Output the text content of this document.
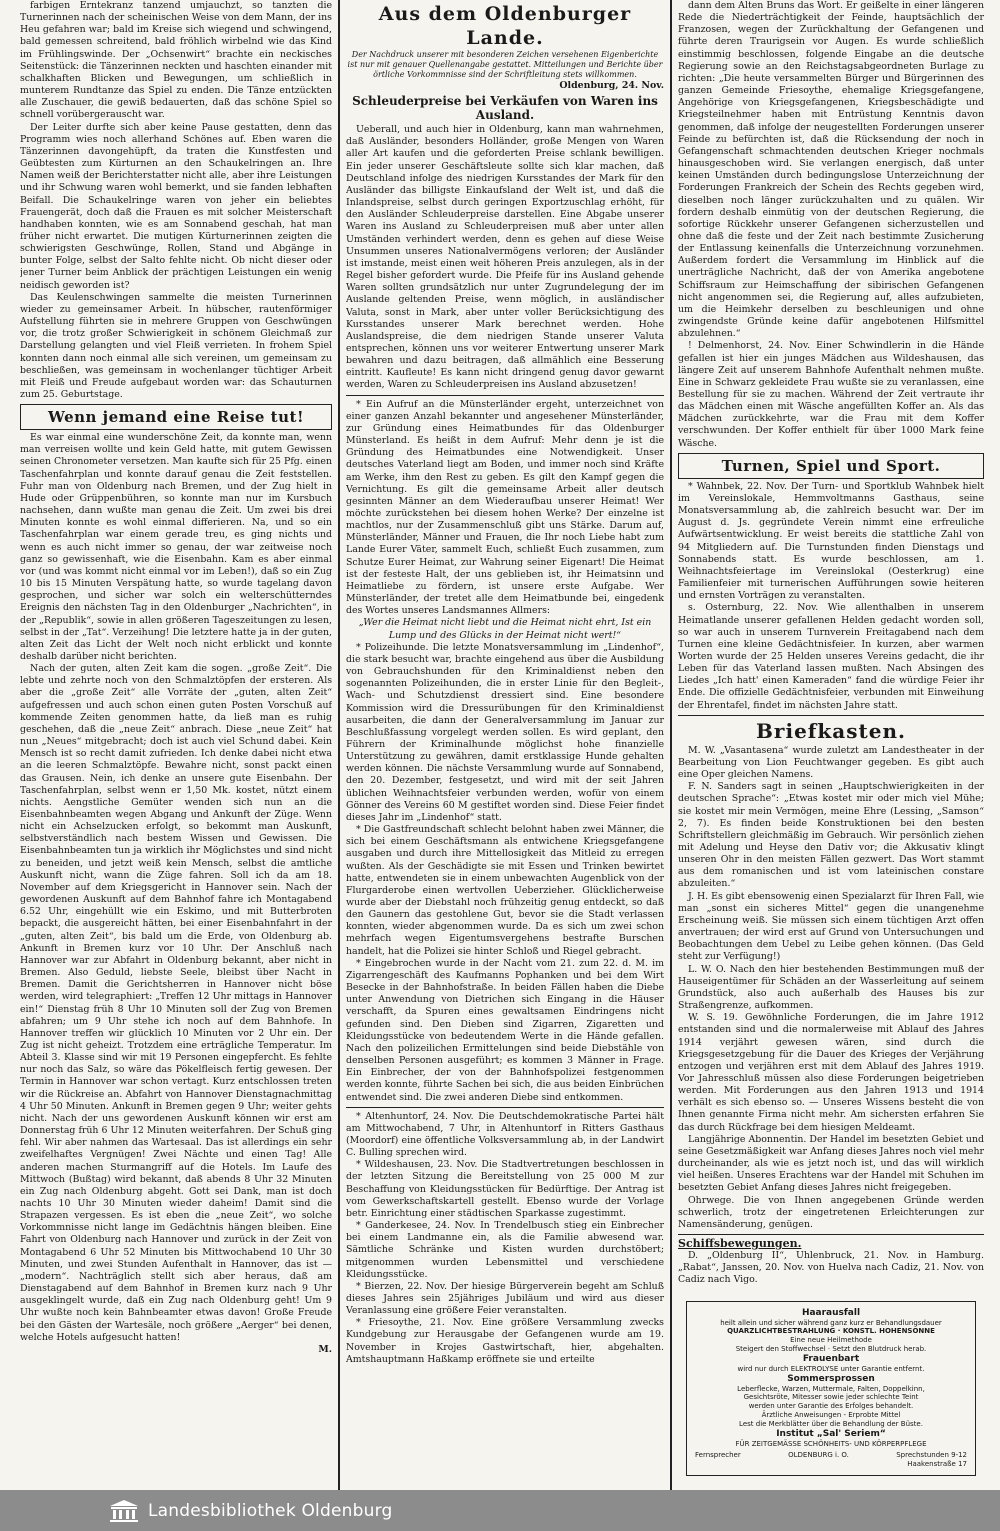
farbigen Erntekranz tanzend umjauchzt, so tanzten die Turnerinnen nach der scheinischen Weise von dem Mann, der ins Heu gefahren war; bald im Kreise sich wiegend und schwingend, bald gemessen schreitend, bald fröhlich wirbelnd wie das Kind im Frühlingswinde. Der „Ochsenwirt“ brachte ein neckisches Seitenstück: die Tänzerinnen neckten und haschten einander mit schalkhaften Blicken und Bewegungen, um schließlich in munterem Rundtanze das Spiel zu enden. Die Tänze entzückten alle Zuschauer, die gewiß bedauerten, daß das schöne Spiel so schnell vorübergerauscht war.

Der Leiter durfte sich aber keine Pause gestatten, denn das Programm wies noch allerhand Schönes auf. Eben waren die Tänzerinnen davongehüpft, da traten die Kunstfesten und Geübtesten zum Kürturnen an den Schaukelringen an. Ihre Namen weiß der Berichterstatter nicht alle, aber ihre Leistungen und ihr Schwung waren wohl bemerkt, und sie fanden lebhaften Beifall. Die Schaukelringe waren von jeher ein beliebtes Frauengerät, doch daß die Frauen es mit solcher Meisterschaft handhaben konnten, wie es am Sonnabend geschah, hat man früher nicht erwartet. Die mutigen Kürturnerinnen zeigten die schwierigsten Geschwünge, Rollen, Stand und Abgänge in bunter Folge, selbst der Salto fehlte nicht. Ob nicht dieser oder jener Turner beim Anblick der prächtigen Leistungen ein wenig neidisch geworden ist?

Das Keulenschwingen sammelte die meisten Turnerinnen wieder zu gemeinsamer Arbeit. In hübscher, rautenförmiger Aufstellung führten sie in mehrere Gruppen von Geschwüngen vor, die trotz großer Schwierigkeit in schönem Gleichmaß zur Darstellung gelangten und viel Fleiß verrieten. In frohem Spiel konnten dann noch einmal alle sich vereinen, um gemeinsam zu beschließen, was gemeinsam in wochenlanger tüchtiger Arbeit mit Fleiß und Freude aufgebaut worden war: das Schauturnen zum 25. Geburtstage.

Wenn jemand eine Reise tut!

Es war einmal eine wunderschöne Zeit, da konnte man, wenn man verreisen wollte und kein Geld hatte, mit gutem Gewissen seinen Chronometer versetzen. Man kaufte sich für 25 Pfg. einen Taschenfahrplan und konnte darauf genau die Zeit feststellen. Fuhr man von Oldenburg nach Bremen, und der Zug hielt in Hude oder Grüppenbühren, so konnte man nur im Kursbuch nachsehen, dann wußte man genau die Zeit. Um zwei bis drei Minuten konnte es wohl einmal differieren. Na, und so ein Taschenfahrplan war einem gerade treu, es ging nichts und wenn es auch nicht immer so genau, der war zeitweise noch ganz so gewissenhaft, wie die Eisenbahn. Kam es aber einmal vor (und was kommt nicht einmal vor im Leben!), daß so ein Zug 10 bis 15 Minuten Verspätung hatte, so wurde tagelang davon gesprochen, und sicher war solch ein welterschütterndes Ereignis den nächsten Tag in den Oldenburger „Nachrichten“, in der „Republik“, sowie in allen größeren Tageszeitungen zu lesen, selbst in der „Tat“. Verzeihung! Die letztere hatte ja in der guten, alten Zeit das Licht der Welt noch nicht erblickt und konnte deshalb darüber nicht berichten.

Nach der guten, alten Zeit kam die sogen. „große Zeit“. Die lebte und zehrte noch von den Schmalztöpfen der ersteren. Als aber die „große Zeit“ alle Vorräte der „guten, alten Zeit“ aufgefressen und auch schon einen guten Posten Vorschuß auf kommende Zeiten genommen hatte, da ließ man es ruhig geschehen, daß die „neue Zeit“ anbrach. Diese „neue Zeit“ hat nun „Neues“ mitgebracht; doch ist auch viel Schund dabei. Kein Mensch ist so recht damit zufrieden. Ich denke dabei nicht etwa an die leeren Schmalztöpfe. Bewahre nicht, sonst packt einen das Grausen. Nein, ich denke an unsere gute Eisenbahn. Der Taschenfahrplan, selbst wenn er 1,50 Mk. kostet, nützt einem nichts. Aengstliche Gemüter wenden sich nun an die Eisenbahnbeamten wegen Abgang und Ankunft der Züge. Wenn nicht ein Achselzucken erfolgt, so bekommt man Auskunft, selbstverständlich nach bestem Wissen und Gewissen. Die Eisenbahnbeamten tun ja wirklich ihr Möglichstes und sind nicht zu beneiden, und jetzt weiß kein Mensch, selbst die amtliche Auskunft nicht, wann die Züge fahren. Soll ich da am 18. November auf dem Kriegsgericht in Hannover sein. Nach der gewordenen Auskunft auf dem Bahnhof fahre ich Montagabend 6.52 Uhr, eingehüllt wie ein Eskimo, und mit Butterbroten bepackt, die ausgereicht hätten, bei einer Eisenbahnfahrt in der „guten, alten Zeit“, bis bald um die Erde, von Oldenburg ab. Ankunft in Bremen kurz vor 10 Uhr. Der Anschluß nach Hannover war zur Abfahrt in Oldenburg bekannt, aber nicht in Bremen. Also Geduld, liebste Seele, bleibst über Nacht in Bremen. Damit die Gerichtsherren in Hannover nicht böse werden, wird telegraphiert: „Treffen 12 Uhr mittags in Hannover ein!“ Dienstag früh 8 Uhr 10 Minuten soll der Zug von Bremen abfahren; um 9 Uhr stehe ich noch auf dem Bahnhofe. In Hannover treffen wir glücklich 10 Minuten vor 2 Uhr ein. Der Zug ist nicht geheizt. Trotzdem eine erträgliche Temperatur. Im Abteil 3. Klasse sind wir mit 19 Personen eingepfercht. Es fehlte nur noch das Salz, so wäre das Pökelfleisch fertig gewesen. Der Termin in Hannover war schon vertagt. Kurz entschlossen treten wir die Rückreise an. Abfahrt von Hannover Dienstagnachmittag 4 Uhr 50 Minuten. Ankunft in Bremen gegen 9 Uhr; weiter gehts nicht. Nach der uns gewordenen Auskunft können wir erst am Donnerstag früh 6 Uhr 12 Minuten weiterfahren. Der Schuß ging fehl. Wir aber nahmen das Wartesaal. Das ist allerdings ein sehr zweifelhaftes Vergnügen! Zwei Nächte und einen Tag! Alle anderen machen Sturmangriff auf die Hotels. Im Laufe des Mittwoch (Bußtag) wird bekannt, daß abends 8 Uhr 32 Minuten ein Zug nach Oldenburg abgeht. Gott sei Dank, man ist doch nachts 10 Uhr 30 Minuten wieder daheim! Damit sind die Strapazen vergessen. Es ist eben die „neue Zeit“, wo solche Vorkommnisse nicht lange im Gedächtnis hängen bleiben. Eine Fahrt von Oldenburg nach Hannover und zurück in der Zeit von Montagabend 6 Uhr 52 Minuten bis Mittwochabend 10 Uhr 30 Minuten, und zwei Stunden Aufenthalt in Hannover, das ist — „modern“. Nachträglich stellt sich aber heraus, daß am Dienstagabend auf dem Bahnhof in Bremen kurz nach 9 Uhr ausgeklingelt wurde, daß ein Zug nach Oldenburg geht! Um 9 Uhr wußte noch kein Bahnbeamter etwas davon! Große Freude bei den Gästen der Wartesäle, noch größere „Aerger“ bei denen, welche Hotels aufgesucht hatten!

M.

Aus dem Oldenburger Lande.
Der Nachdruck unserer mit besonderen Zeichen versehenen Eigenberichte ist nur mit genauer Quellenangabe gestattet. Mitteilungen und Berichte über örtliche Vorkommnisse sind der Schriftleitung stets willkommen.
Oldenburg, 24. Nov.
Schleuderpreise bei Verkäufen von Waren ins Ausland.

Ueberall, und auch hier in Oldenburg, kann man wahrnehmen, daß Ausländer, besonders Holländer, große Mengen von Waren aller Art kaufen und die geforderten Preise schlank bewilligen. Ein jeder unserer Geschäftsleute sollte sich klar machen, daß Deutschland infolge des niedrigen Kursstandes der Mark für den Ausländer das billigste Einkaufsland der Welt ist, und daß die Inlandspreise, selbst durch geringen Exportzuschlag erhöht, für den Ausländer Schleuderpreise darstellen. Eine Abgabe unserer Waren ins Ausland zu Schleuderpreisen muß aber unter allen Umständen verhindert werden, denn es gehen auf diese Weise Unsummen unseres Nationalvermögens verloren; der Ausländer ist imstande, meist einen weit höheren Preis anzulegen, als in der Regel bisher gefordert wurde. Die Pfeife für ins Ausland gehende Waren sollten grundsätzlich nur unter Zugrundelegung der im Auslande geltenden Preise, wenn möglich, in ausländischer Valuta, sonst in Mark, aber unter voller Berücksichtigung des Kursstandes unserer Mark berechnet werden. Hohe Auslandspreise, die dem niedrigen Stande unserer Valuta entsprechen, können uns vor weiterer Entwertung unserer Mark bewahren und dazu beitragen, daß allmählich eine Besserung eintritt. Kaufleute! Es kann nicht dringend genug davor gewarnt werden, Waren zu Schleuderpreisen ins Ausland abzusetzen!

* Ein Aufruf an die Münsterländer ergeht, unterzeichnet von einer ganzen Anzahl bekannter und angesehener Münsterländer, zur Gründung eines Heimatbundes für das Oldenburger Münsterland. Es heißt in dem Aufruf: Mehr denn je ist die Gründung des Heimatbundes eine Notwendigkeit. Unser deutsches Vaterland liegt am Boden, und immer noch sind Kräfte am Werke, ihm den Rest zu geben. Es gilt den Kampf gegen die Vernichtung. Es gilt die gemeinsame Arbeit aller deutsch gesinnten Männer an dem Wiederaufbau unserer Heimat! Wer möchte zurückstehen bei diesem hohen Werke? Der einzelne ist machtlos, nur der Zusammenschluß gibt uns Stärke. Darum auf, Münsterländer, Männer und Frauen, die Ihr noch Liebe habt zum Lande Eurer Väter, sammelt Euch, schließt Euch zusammen, zum Schutze Eurer Heimat, zur Wahrung seiner Eigenart! Die Heimat ist der festeste Halt, der uns geblieben ist, ihr Heimatsinn und Heimatliebe zu fördern, ist unsere erste Aufgabe. Wer Münsterländer, der tretet alle dem Heimatbunde bei, eingedenk des Wortes unseres Landsmannes Allmers:

„Wer die Heimat nicht liebt und die Heimat nicht ehrt, Ist ein Lump und des Glücks in der Heimat nicht wert!“

* Polizeihunde. Die letzte Monatsversammlung im „Lindenhof“, die stark besucht war, brachte eingehend aus über die Ausbildung von Gebrauchshunden für den Kriminaldienst neben den sogenannten Polizeihunden, die in erster Linie für den Begleit-, Wach- und Schutzdienst dressiert sind. Eine besondere Kommission wird die Dressurübungen für den Kriminaldienst ausarbeiten, die dann der Generalversammlung im Januar zur Beschlußfassung vorgelegt werden sollen. Es wird geplant, den Führern der Kriminalhunde möglichst hohe finanzielle Unterstützung zu gewähren, damit erstklassige Hunde gehalten werden können. Die nächste Versammlung wurde auf Sonnabend, den 20. Dezember, festgesetzt, und wird mit der seit Jahren üblichen Weihnachtsfeier verbunden werden, wofür von einem Gönner des Vereins 60 M gestiftet worden sind. Diese Feier findet dieses Jahr im „Lindenhof“ statt.

* Die Gastfreundschaft schlecht belohnt haben zwei Männer, die sich bei einem Geschäftsmann als entwichene Kriegsgefangene ausgaben und durch ihre Mittellosigkeit das Mitleid zu erregen wußten. Als der Geschädigte sie mit Essen und Trinken bewirtet hatte, entwendeten sie in einem unbewachten Augenblick von der Flurgarderobe einen wertvollen Ueberzieher. Glücklicherweise wurde aber der Diebstahl noch frühzeitig genug entdeckt, so daß den Gaunern das gestohlene Gut, bevor sie die Stadt verlassen konnten, wieder abgenommen wurde. Da es sich um zwei schon mehrfach wegen Eigentumsvergehens bestrafte Burschen handelt, hat die Polizei sie hinter Schloß und Riegel gebracht.

* Eingebrochen wurde in der Nacht vom 21. zum 22. d. M. im Zigarrengeschäft des Kaufmanns Pophanken und bei dem Wirt Besecke in der Bahnhofstraße. In beiden Fällen haben die Diebe unter Anwendung von Dietrichen sich Eingang in die Häuser verschafft, da Spuren eines gewaltsamen Eindringens nicht gefunden sind. Den Dieben sind Zigarren, Zigaretten und Kleidungsstücke von bedeutendem Werte in die Hände gefallen. Nach den polizeilichen Ermittelungen sind beide Diebstähle von denselben Personen ausgeführt; es kommen 3 Männer in Frage. Ein Einbrecher, der von der Bahnhofspolizei festgenommen werden konnte, führte Sachen bei sich, die aus beiden Einbrüchen entwendet sind. Die zwei anderen Diebe sind entkommen.

* Altenhuntorf, 24. Nov. Die Deutschdemokratische Partei hält am Mittwochabend, 7 Uhr, in Altenhuntorf in Ritters Gasthaus (Moordorf) eine öffentliche Volksversammlung ab, in der Landwirt C. Bulling sprechen wird.

* Wildeshausen, 23. Nov. Die Stadtvertretungen beschlossen in der letzten Sitzung die Bereitstellung von 25 000 M zur Beschaffung von Kleidungsstücken für Bedürftige. Der Antrag ist vom Gewerkschaftskartell gestellt. Ebenso wurde der Vorlage betr. Einrichtung einer städtischen Sparkasse zugestimmt.

* Ganderkesee, 24. Nov. In Trendelbusch stieg ein Einbrecher bei einem Landmanne ein, als die Familie abwesend war. Sämtliche Schränke und Kisten wurden durchstöbert; mitgenommen wurden Lebensmittel und verschiedene Kleidungsstücke.

* Bierzen, 22. Nov. Der hiesige Bürgerverein begeht am Schluß dieses Jahres sein 25jähriges Jubiläum und wird aus dieser Veranlassung eine größere Feier veranstalten.

* Friesoythe, 21. Nov. Eine größere Versammlung zwecks Kundgebung zur Herausgabe der Gefangenen wurde am 19. November in Krojes Gastwirtschaft, hier, abgehalten. Amtshauptmann Haßkamp eröffnete sie und erteilte

dann dem Alten Bruns das Wort. Er geißelte in einer längeren Rede die Niederträchtigkeit der Feinde, hauptsächlich der Franzosen, wegen der Zurückhaltung der Gefangenen und führte deren Traurigsein vor Augen. Es wurde schließlich einstimmig beschlossen, folgende Eingabe an die deutsche Regierung sowie an den Reichstagsabgeordneten Burlage zu richten: „Die heute versammelten Bürger und Bürgerinnen des ganzen Gemeinde Friesoythe, ehemalige Kriegsgefangene, Angehörige von Kriegsgefangenen, Kriegsbeschädigte und Kriegsteilnehmer haben mit Entrüstung Kenntnis davon genommen, daß infolge der neugestellten Forderungen unserer Feinde zu befürchten ist, daß die Rücksendung der noch in Gefangenschaft schmachtenden deutschen Krieger nochmals hinausgeschoben wird. Sie verlangen energisch, daß unter keinen Umständen durch bedingungslose Unterzeichnung der Forderungen Frankreich der Schein des Rechts gegeben wird, dieselben noch länger zurückzuhalten und zu quälen. Wir fordern deshalb einmütig von der deutschen Regierung, die sofortige Rückkehr unserer Gefangenen sicherzustellen und ohne daß die feste und der Zeit nach bestimmte Zusicherung der Entlassung keinenfalls die Unterzeichnung vorzunehmen. Außerdem fordert die Versammlung im Hinblick auf die unerträgliche Nachricht, daß der von Amerika angebotene Schiffsraum zur Heimschaffung der sibirischen Gefangenen nicht angenommen sei, die Regierung auf, alles aufzubieten, um die Heimkehr derselben zu beschleunigen und ohne zwingendste Gründe keine dafür angebotenen Hilfsmittel abzulehnen.“

! Delmenhorst, 24. Nov. Einer Schwindlerin in die Hände gefallen ist hier ein junges Mädchen aus Wildeshausen, das längere Zeit auf unserem Bahnhofe Aufenthalt nehmen mußte. Eine in Schwarz gekleidete Frau wußte sie zu veranlassen, eine Bestellung für sie zu machen. Während der Zeit vertraute ihr das Mädchen einen mit Wäsche angefüllten Koffer an. Als das Mädchen zurückkehrte, war die Frau mit dem Koffer verschwunden. Der Koffer enthielt für über 1000 Mark feine Wäsche.

Turnen, Spiel und Sport.

* Wahnbek, 22. Nov. Der Turn- und Sportklub Wahnbek hielt im Vereinslokale, Hemmvoltmanns Gasthaus, seine Monatsversammlung ab, die zahlreich besucht war. Der im August d. Js. gegründete Verein nimmt eine erfreuliche Aufwärtsentwicklung. Er weist bereits die stattliche Zahl von 94 Mitgliedern auf. Die Turnstunden finden Dienstags und Sonnabends statt. Es wurde beschlossen, am 1. Weihnachtsfeiertage im Vereinslokal (Oesterkrug) eine Familienfeier mit turnerischen Aufführungen sowie heiteren und ernsten Vorträgen zu veranstalten.

s. Osternburg, 22. Nov. Wie allenthalben in unserem Heimatlande unserer gefallenen Helden gedacht worden soll, so war auch in unserem Turnverein Freitagabend nach dem Turnen eine kleine Gedächtnisfeier. In kurzen, aber warmen Worten wurde der 25 Helden unseres Vereins gedacht, die ihr Leben für das Vaterland lassen mußten. Nach Absingen des Liedes „Ich hatt' einen Kameraden“ fand die würdige Feier ihr Ende. Die offizielle Gedächtnisfeier, verbunden mit Einweihung der Ehrentafel, findet im nächsten Jahre statt.

Briefkasten.

M. W. „Vasantasena“ wurde zuletzt am Landestheater in der Bearbeitung von Lion Feuchtwanger gegeben. Es gibt auch eine Oper gleichen Namens.

F. N. Sanders sagt in seinen „Hauptschwierigkeiten in der deutschen Sprache“: „Etwas kostet mir oder mich viel Mühe; sie kostet mir mein Vermögen, meine Ehre (Lessing, „Samson“ 2, 7). Es finden beide Konstruktionen bei den besten Schriftstellern gleichmäßig im Gebrauch. Wir persönlich ziehen mit Adelung und Heyse den Dativ vor; die Akkusativ klingt unseren Ohr in den meisten Fällen gezwert. Das Wort stammt aus dem romanischen und ist vom lateinischen constare abzuleiten.“

J. H. Es gibt ebensowenig einen Spezialarzt für Ihren Fall, wie man „sonst ein sicheres Mittel“ gegen die unangenehme Erscheinung weiß. Sie müssen sich einem tüchtigen Arzt offen anvertrauen; der wird erst auf Grund von Untersuchungen und Beobachtungen dem Uebel zu Leibe gehen können. (Das Geld steht zur Verfügung!)

L. W. O. Nach den hier bestehenden Bestimmungen muß der Hauseigentümer für Schäden an der Wasserleitung auf seinem Grundstück, also auch außerhalb des Hauses bis zur Straßengrenze, aufkommen.

W. S. 19. Gewöhnliche Forderungen, die im Jahre 1912 entstanden sind und die normalerweise mit Ablauf des Jahres 1914 verjährt gewesen wären, sind durch die Kriegsgesetzgebung für die Dauer des Krieges der Verjährung entzogen und verjähren erst mit dem Ablauf des Jahres 1919. Vor Jahresschluß müssen also diese Forderungen beigetrieben werden. Mit Forderungen aus den Jahren 1913 und 1914 verhält es sich ebenso so. — Unseres Wissens besteht die von Ihnen genannte Firma nicht mehr. Am sichersten erfahren Sie das durch Rückfrage bei dem hiesigen Meldeamt.

Langjährige Abonnentin. Der Handel im besetzten Gebiet und seine Gesetzmäßigkeit war Anfang dieses Jahres noch viel mehr durcheinander, als wie es jetzt noch ist, und das will wirklich viel heißen. Unseres Erachtens war der Handel mit Schuhen im besetzten Gebiet Anfang dieses Jahres nicht freigegeben.

Ohrwege. Die von Ihnen angegebenen Gründe werden schwerlich, trotz der eingetretenen Erleichterungen zur Namensänderung, genügen.

Schiffsbewegungen.

D. „Oldenburg II“, Uhlenbruck, 21. Nov. in Hamburg. „Rabat“, Janssen, 20. Nov. von Huelva nach Cadiz, 21. Nov. von Cadiz nach Vigo.

Haarausfall
heilt allein und sicher während ganz kurz er Behandlungsdauer
QUARZLICHTBESTRAHLUNG · KONSTL. HOHENSONNE
Eine neue Heilmethode
Steigert den Stoffwechsel · Setzt den Blutdruck herab.
Frauenbart
wird nur durch ELEKTROLYSE unter Garantie entfernt.
Sommersprossen
Leberflecke, Warzen, Muttermale, Falten, Doppelkinn,
Gesichtsröte, Mitesser sowie jeder schlechte Teint
werden unter Garantie des Erfolges behandelt.
Ärztliche Anweisungen - Erprobte Mittel
Lest die Merkblätter über die Behandlung der Büste.
Institut „Sal' Seriem“
FÜR ZEITGEMÄSSE SCHÖNHEITS- UND KÖRPERPFLEGE
Fernsprecher	OLDENBURG i. O.	Sprechstunden 9-12
Haakenstraße 17
Landesbibliothek Oldenburg
